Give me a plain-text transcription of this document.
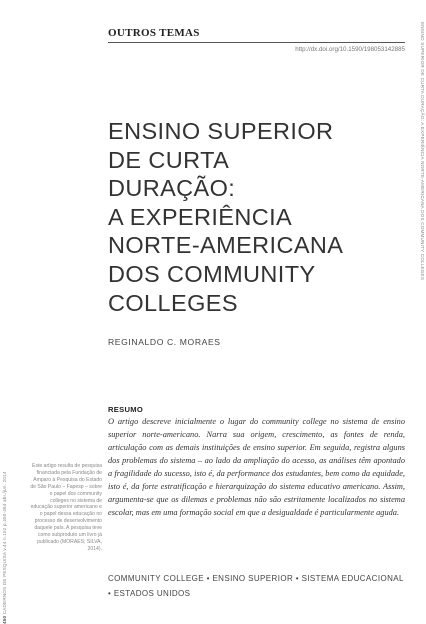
OUTROS TEMAS
http://dx.doi.org/10.1590/198053142885
ENSINO SUPERIOR
DE CURTA
DURAÇÃO:
A EXPERIÊNCIA
NORTE-AMERICANA
DOS COMMUNITY
COLLEGES
REGINALDO C. MORAES
RESUMO

O artigo descreve inicialmente o lugar do community college no sistema de ensino superior norte-americano. Narra sua origem, crescimento, as fontes de renda, articulação com as demais instituições de ensino superior. Em seguida, registra alguns dos problemas do sistema – ao lado da ampliação do acesso, as análises têm apontado a fragilidade do sucesso, isto é, da performance dos estudantes, bem como da equidade, isto é, da forte estratificação e hierarquização do sistema educativo americano. Assim, argumenta-se que os dilemas e problemas não são estritamente localizados no sistema escolar, mas em uma formação social em que a desigualdade é particularmente aguda.

COMMUNITY COLLEGE • ENSINO SUPERIOR • SISTEMA EDUCACIONAL • ESTADOS UNIDOS
Este artigo resulta de pesquisa financiada pela Fundação de Amparo à Pesquisa do Estado de São Paulo – Fapesp – sobre o papel dos community colleges no sistema de educação superior americano e o papel dessa educação no processo de desenvolvimento daquele país. A pesquisa teve como subproduto um livro já publicado (MORAES; SILVA, 2014).
450 CADERNOS DE PESQUISA v.44 n.152 p.450-464 abr./jun. 2014
ENSINO SUPERIOR DE CURTA DURAÇÃO: A EXPERIÊNCIA NORTE-AMERICANA DOS COMMUNITY COLLEGES
